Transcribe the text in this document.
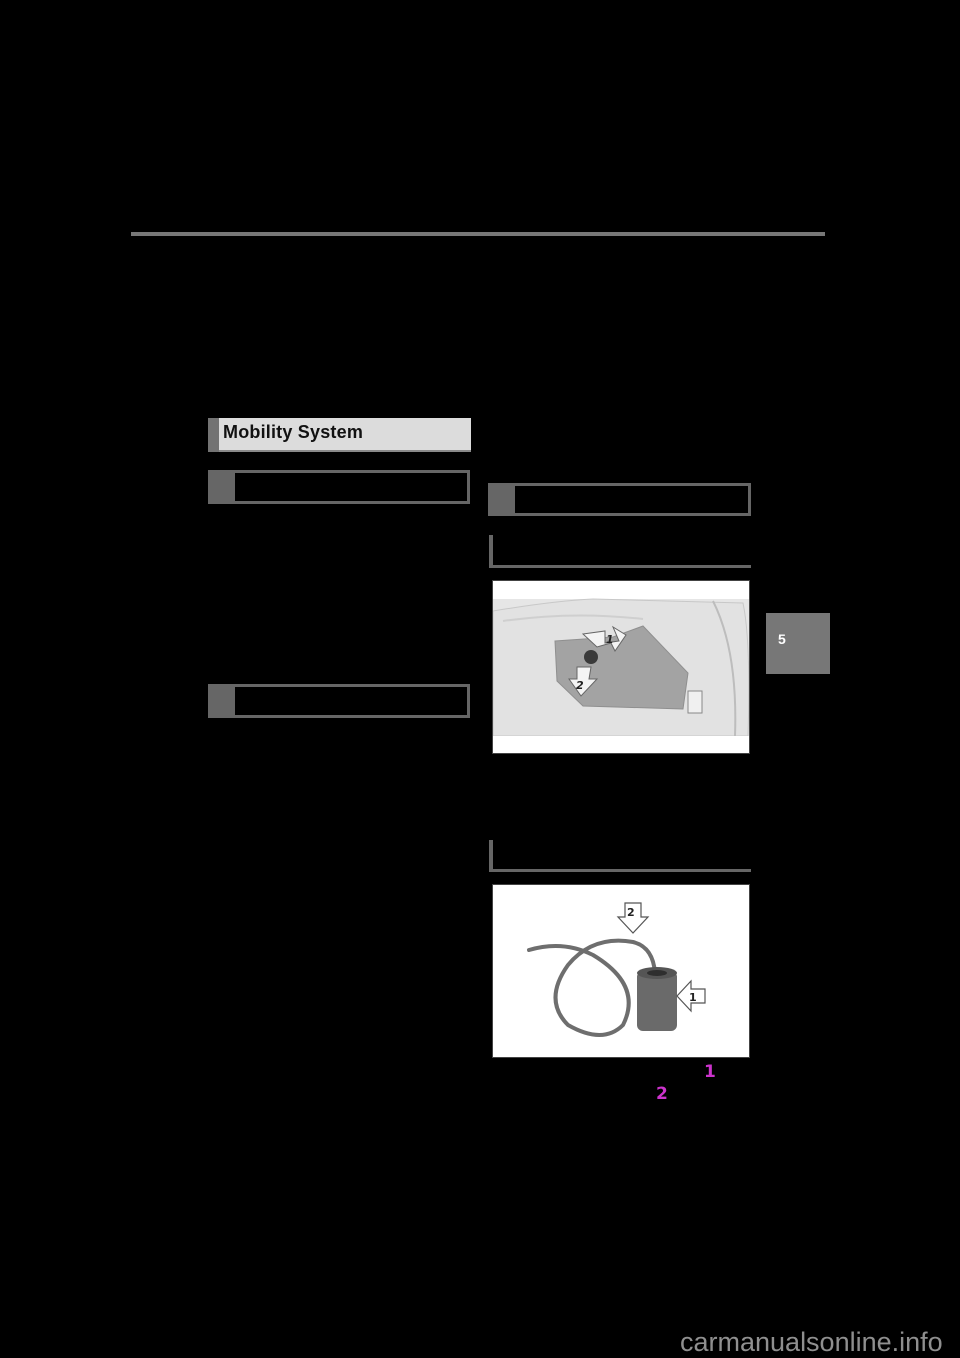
Mobility System
1
2
2
1
1
2
5
carmanualsonline.info
